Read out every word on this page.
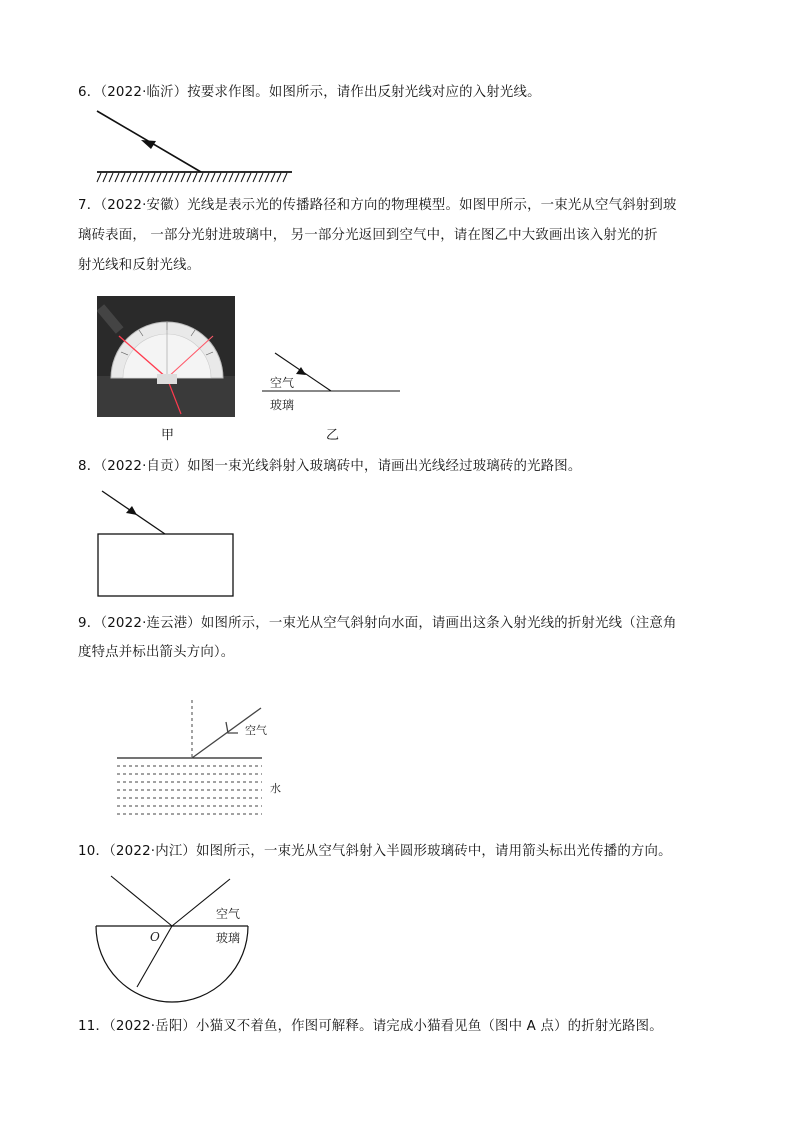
6．（2022·临沂）按要求作图。如图所示，请作出反射光线对应的入射光线。
7．（2022·安徽）光线是表示光的传播路径和方向的物理模型。如图甲所示，一束光从空气斜射到玻
璃砖表面， 一部分光射进玻璃中， 另一部分光返回到空气中，请在图乙中大致画出该入射光的折
射光线和反射光线。
甲
空气
玻璃
乙
8．（2022·自贡）如图一束光线斜射入玻璃砖中，请画出光线经过玻璃砖的光路图。
9．（2022·连云港）如图所示，一束光从空气斜射向水面，请画出这条入射光线的折射光线（注意角
度特点并标出箭头方向）。
空气
水
10．（2022·内江）如图所示，一束光从空气斜射入半圆形玻璃砖中，请用箭头标出光传播的方向。
O
空气
玻璃
11．（2022·岳阳）小猫叉不着鱼，作图可解释。请完成小猫看见鱼（图中 A 点）的折射光路图。
